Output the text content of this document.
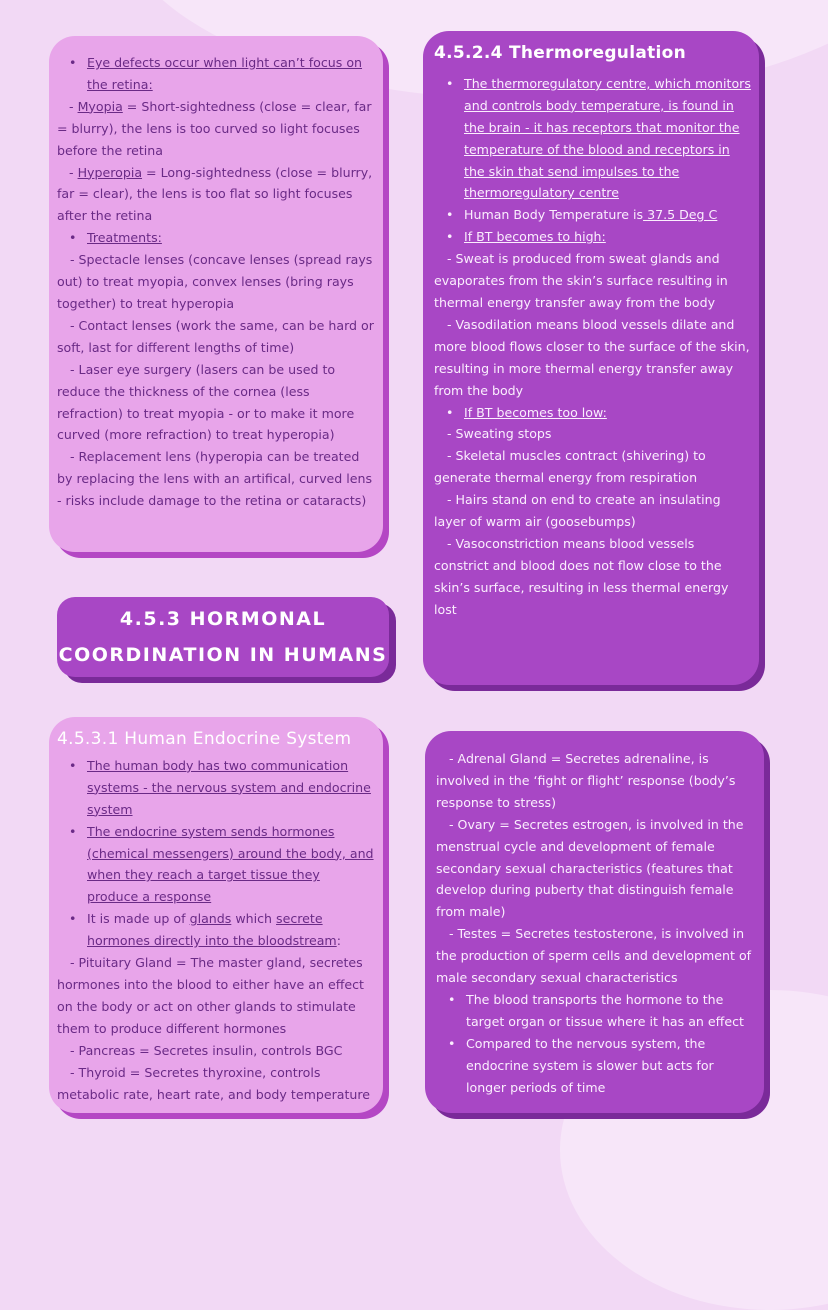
• Eye defects occur when light can’t focus on the retina:

- Myopia = Short-sightedness (close = clear, far = blurry), the lens is too curved so light focuses before the retina

- Hyperopia = Long-sightedness (close = blurry, far = clear), the lens is too flat so light focuses after the retina

• Treatments:

- Spectacle lenses (concave lenses (spread rays out) to treat myopia, convex lenses (bring rays together) to treat hyperopia

- Contact lenses (work the same, can be hard or soft, last for different lengths of time)

- Laser eye surgery (lasers can be used to reduce the thickness of the cornea (less refraction) to treat myopia - or to make it more curved (more refraction) to treat hyperopia)

- Replacement lens (hyperopia can be treated by replacing the lens with an artifical, curved lens - risks include damage to the retina or cataracts)

4.5.3 HORMONAL
COORDINATION IN HUMANS
4.5.2.4 Thermoregulation

• The thermoregulatory centre, which monitors and controls body temperature, is found in the brain - it has receptors that monitor the temperature of the blood and receptors in the skin that send impulses to the thermoregulatory centre

• Human Body Temperature is 37.5 Deg C

• If BT becomes to high:

- Sweat is produced from sweat glands and evaporates from the skin’s surface resulting in thermal energy transfer away from the body

- Vasodilation means blood vessels dilate and more blood flows closer to the surface of the skin, resulting in more thermal energy transfer away from the body

• If BT becomes too low:

- Sweating stops

- Skeletal muscles contract (shivering) to generate thermal energy from respiration

- Hairs stand on end to create an insulating layer of warm air (goosebumps)

- Vasoconstriction means blood vessels constrict and blood does not flow close to the skin’s surface, resulting in less thermal energy lost

4.5.3.1 Human Endocrine System

• The human body has two communication systems - the nervous system and endocrine system

• The endocrine system sends hormones (chemical messengers) around the body, and when they reach a target tissue they produce a response

• It is made up of glands which secrete hormones directly into the bloodstream:

- Pituitary Gland = The master gland, secretes hormones into the blood to either have an effect on the body or act on other glands to stimulate them to produce different hormones

- Pancreas = Secretes insulin, controls BGC

- Thyroid = Secretes thyroxine, controls metabolic rate, heart rate, and body temperature

- Adrenal Gland = Secretes adrenaline, is involved in the ‘fight or flight’ response (body’s response to stress)

- Ovary = Secretes estrogen, is involved in the menstrual cycle and development of female secondary sexual characteristics (features that develop during puberty that distinguish female from male)

- Testes = Secretes testosterone, is involved in the production of sperm cells and development of male secondary sexual characteristics

• The blood transports the hormone to the target organ or tissue where it has an effect

• Compared to the nervous system, the endocrine system is slower but acts for longer periods of time
